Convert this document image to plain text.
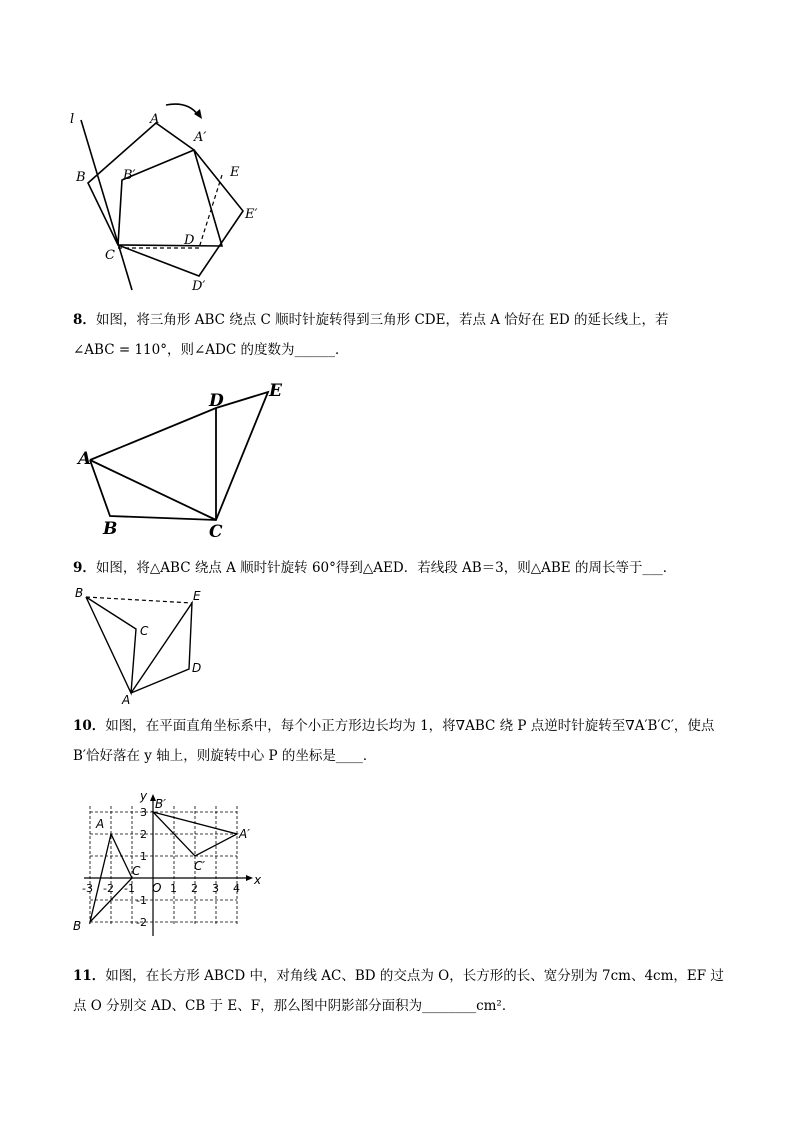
l	A
A′
B	B′	E
E′
D
C
D′
8．如图，将三角形 ABC 绕点 C 顺时针旋转得到三角形 CDE，若点 A 恰好在 ED 的延长线上，若
∠ABC = 110°，则∠ADC 的度数为______．
A
B	C
D	E
9．如图，将△ABC 绕点 A 顺时针旋转 60°得到△AED．若线段 AB＝3，则△ABE 的周长等于___．
B	E
C
D
A
10．如图，在平面直角坐标系中，每个小正方形边长均为 1，将∇ABC 绕 P 点逆时针旋转至∇A′B′C′，使点
B′恰好落在 y 轴上，则旋转中心 P 的坐标是____．
x
y
O
A
B
C
A′
B′
C′
-3 -2 -1	1 2 3 4
3
2
1
-1
-2
11．如图，在长方形 ABCD 中，对角线 AC、BD 的交点为 O，长方形的长、宽分别为 7cm、4cm，EF 过
点 O 分别交 AD、CB 于 E、F，那么图中阴影部分面积为________cm²．
